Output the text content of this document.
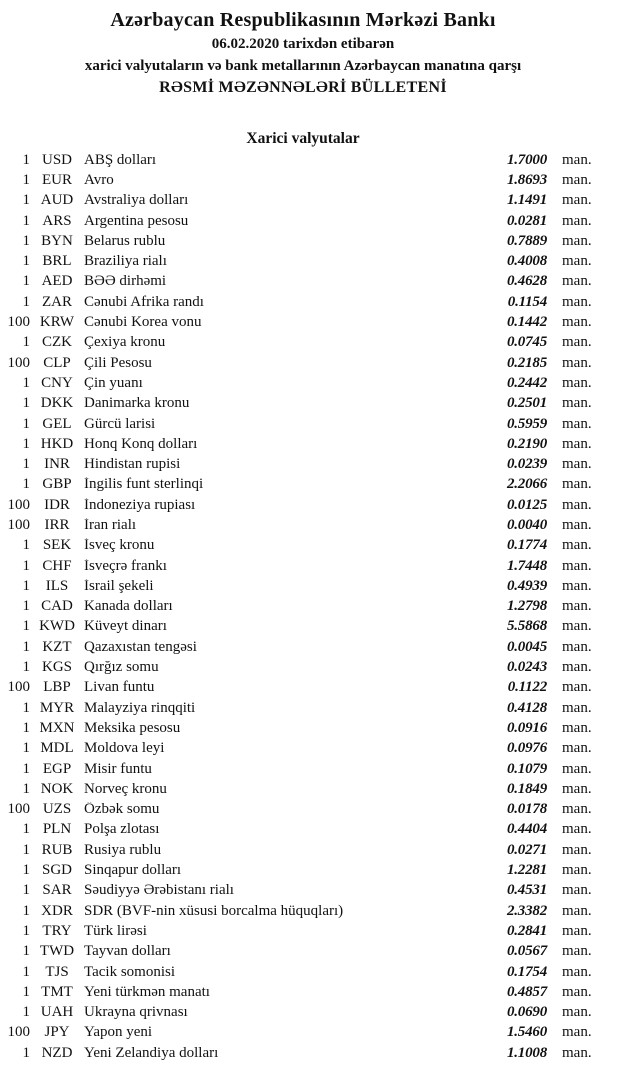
Azərbaycan Respublikasının Mərkəzi Bankı
06.02.2020 tarixdən etibarən
xarici valyutaların və bank metallarının Azərbaycan manatına qarşı
RƏSMİ MƏZƏNNƏLƏRİ BÜLLETENİ
Xarici valyutalar
1 USD ABŞ dolları	1.7000 man.
1 EUR Avro	1.8693 man.
1 AUD Avstraliya dolları	1.1491 man.
1 ARS Argentina pesosu	0.0281 man.
1 BYN Belarus rublu	0.7889 man.
1 BRL Braziliya rialı	0.4008 man.
1 AED BƏƏ dirhəmi	0.4628 man.
1 ZAR Cənubi Afrika randı	0.1154 man.
100 KRW Cənubi Korea vonu	0.1442 man.
1 CZK Çexiya kronu	0.0745 man.
100 CLP Çili Pesosu	0.2185 man.
1 CNY Çin yuanı	0.2442 man.
1 DKK Danimarka kronu	0.2501 man.
1 GEL Gürcü larisi	0.5959 man.
1 HKD Honq Konq dolları	0.2190 man.
1 INR Hindistan rupisi	0.0239 man.
1 GBP İngilis funt sterlinqi	2.2066 man.
100 IDR İndoneziya rupiası	0.0125 man.
100 IRR İran rialı	0.0040 man.
1 SEK İsveç kronu	0.1774 man.
1 CHF İsveçrə frankı	1.7448 man.
1	ILS	İsrail şekeli	0.4939 man.
1 CAD Kanada dolları	1.2798 man.
1 KWD Küveyt dinarı	5.5868 man.
1 KZT Qazaxıstan tengəsi	0.0045 man.
1 KGS Qırğız somu	0.0243 man.
100 LBP Livan funtu	0.1122 man.
1 MYR Malayziya rinqqiti	0.4128 man.
1 MXN Meksika pesosu	0.0916 man.
1 MDL Moldova leyi	0.0976 man.
1 EGP Misir funtu	0.1079 man.
1 NOK Norveç kronu	0.1849 man.
100 UZS Özbək somu	0.0178 man.
1 PLN Polşa zlotası	0.4404 man.
1 RUB Rusiya rublu	0.0271 man.
1 SGD Sinqapur dolları	1.2281 man.
1 SAR Səudiyyə Ərəbistanı rialı	0.4531 man.
1 XDR SDR (BVF-nin xüsusi borcalma hüquqları)	2.3382 man.
1 TRY Türk lirəsi	0.2841 man.
1 TWD Tayvan dolları	0.0567 man.
1	TJS	Tacik somonisi	0.1754 man.
1 TMT Yeni türkmən manatı	0.4857 man.
1 UAH Ukrayna qrivnası	0.0690 man.
100 JPY Yapon yeni	1.5460 man.
1 NZD Yeni Zelandiya dolları	1.1008 man.
